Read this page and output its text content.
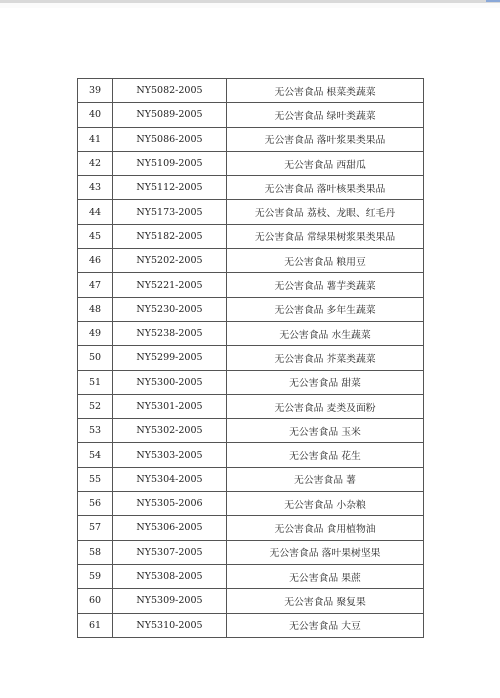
39	NY5082-2005	无公害食品 根菜类蔬菜
40	NY5089-2005	无公害食品 绿叶类蔬菜
41	NY5086-2005	无公害食品 落叶浆果类果品
42	NY5109-2005	无公害食品 西甜瓜
43	NY5112-2005	无公害食品 落叶核果类果品
44	NY5173-2005	无公害食品 荔枝、龙眼、红毛丹
45	NY5182-2005	无公害食品 常绿果树浆果类果品
46	NY5202-2005	无公害食品 粮用豆
47	NY5221-2005	无公害食品 薯芋类蔬菜
48	NY5230-2005	无公害食品 多年生蔬菜
49	NY5238-2005	无公害食品 水生蔬菜
50	NY5299-2005	无公害食品 芥菜类蔬菜
51	NY5300-2005	无公害食品 甜菜
52	NY5301-2005	无公害食品 麦类及面粉
53	NY5302-2005	无公害食品 玉米
54	NY5303-2005	无公害食品 花生
55	NY5304-2005	无公害食品 薯
56	NY5305-2006	无公害食品 小杂粮
57	NY5306-2005	无公害食品 食用植物油
58	NY5307-2005	无公害食品 落叶果树坚果
59	NY5308-2005	无公害食品 果蔗
60	NY5309-2005	无公害食品 聚复果
61	NY5310-2005	无公害食品 大豆
